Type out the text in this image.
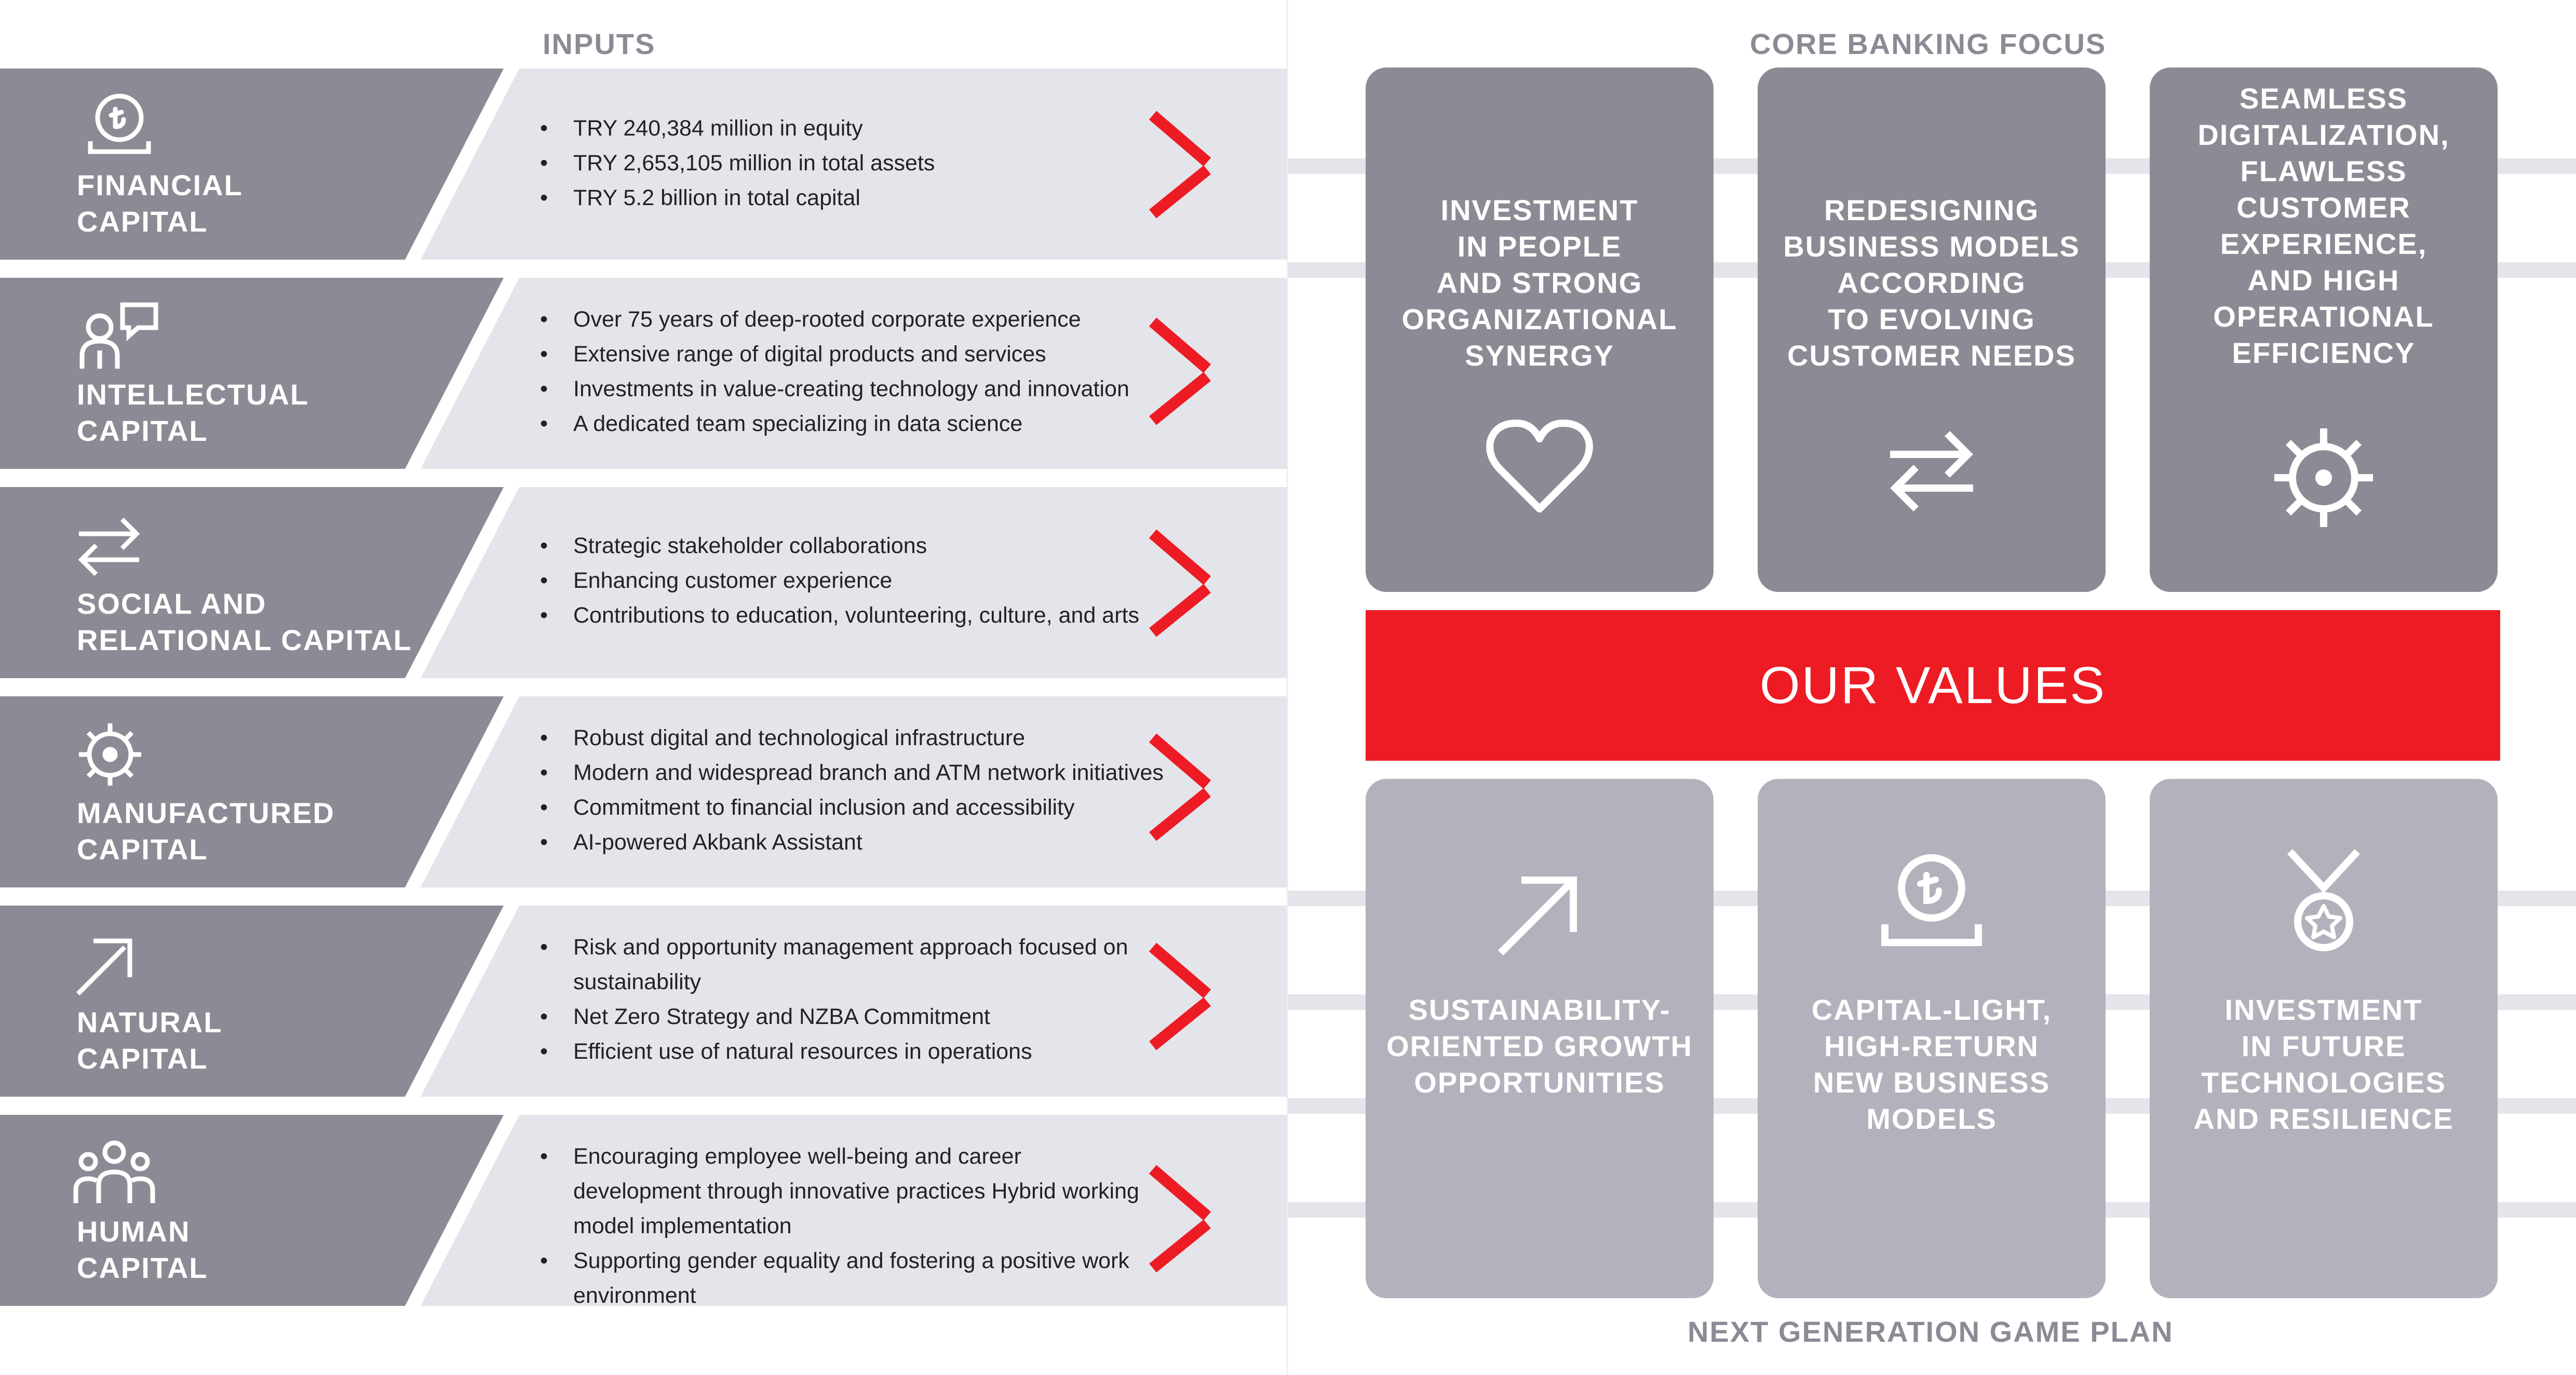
INPUTS	CORE BANKING FOCUS
NEXT GENERATION GAME PLAN
FINANCIAL
CAPITAL
• TRY 240,384 million in equity
• TRY 2,653,105 million in total assets
• TRY 5.2 billion in total capital
INTELLECTUAL
CAPITAL
• Over 75 years of deep-rooted corporate experience
• Extensive range of digital products and services
• Investments in value-creating technology and innovation
• A dedicated team specializing in data science
SOCIAL AND
RELATIONAL CAPITAL
• Strategic stakeholder collaborations
• Enhancing customer experience
• Contributions to education, volunteering, culture, and arts
MANUFACTURED
CAPITAL
• Robust digital and technological infrastructure
• Modern and widespread branch and ATM network initiatives
• Commitment to financial inclusion and accessibility
• AI-powered Akbank Assistant
NATURAL
CAPITAL
• Risk and opportunity management approach focused on sustainability
• Net Zero Strategy and NZBA Commitment
• Efficient use of natural resources in operations
HUMAN
CAPITAL
• Encouraging employee well-being and career development through innovative practices Hybrid working model implementation
• Supporting gender equality and fostering a positive work environment
INVESTMENT
IN PEOPLE
AND STRONG
ORGANIZATIONAL
SYNERGY
REDESIGNING
BUSINESS MODELS
ACCORDING
TO EVOLVING
CUSTOMER NEEDS
SEAMLESS
DIGITALIZATION,
FLAWLESS
CUSTOMER
EXPERIENCE,
AND HIGH
OPERATIONAL
EFFICIENCY
OUR VALUES
SUSTAINABILITY-
ORIENTED GROWTH
OPPORTUNITIES
CAPITAL-LIGHT,
HIGH-RETURN
NEW BUSINESS
MODELS
INVESTMENT
IN FUTURE
TECHNOLOGIES
AND RESILIENCE
